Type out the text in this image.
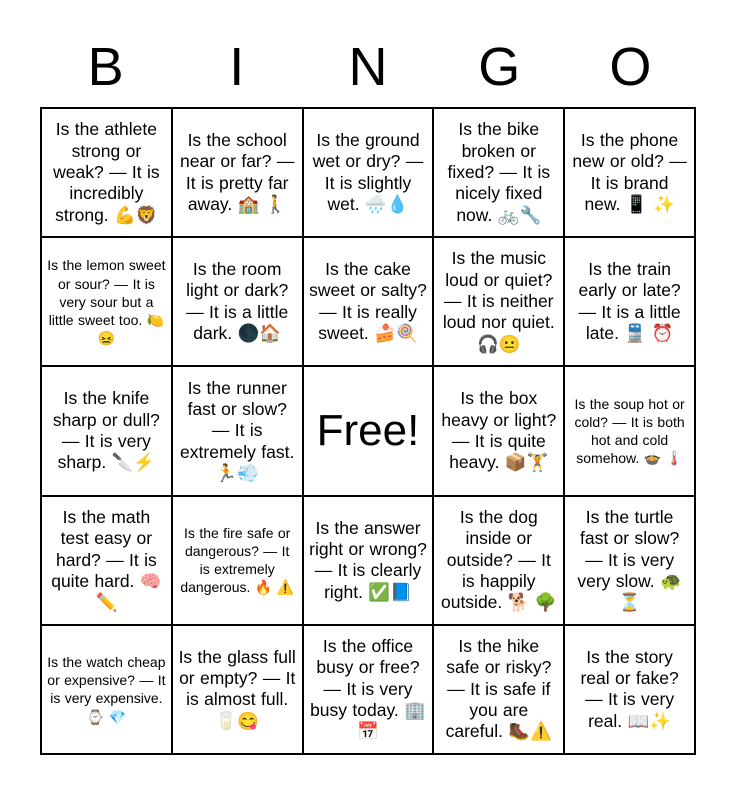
B	I	N	G	O
Is the athlete strong or weak? — It is incredibly strong. 💪🦁
Is the school near or far? — It is pretty far away. 🏫 🚶
Is the ground wet or dry? — It is slightly wet. 🌧️💧
Is the bike broken or fixed? — It is nicely fixed now. 🚲🔧
Is the phone new or old? — It is brand new. 📱 ✨
Is the lemon sweet or sour? — It is very sour but a little sweet too. 🍋 😖
Is the room light or dark? — It is a little dark. 🌑🏠
Is the cake sweet or salty? — It is really sweet. 🍰🍭
Is the music loud or quiet? — It is neither loud nor quiet. 🎧😐
Is the train early or late? — It is a little late. 🚆 ⏰
Is the knife sharp or dull? — It is very sharp. 🔪⚡
Is the runner fast or slow? — It is extremely fast. 🏃💨
Free!
Is the box heavy or light? — It is quite heavy. 📦🏋️
Is the soup hot or cold? — It is both hot and cold somehow. 🍲 🌡️
Is the math test easy or hard? — It is quite hard. 🧠✏️
Is the fire safe or dangerous? — It is extremely dangerous. 🔥 ⚠️
Is the answer right or wrong? — It is clearly right. ✅📘
Is the dog inside or outside? — It is happily outside. 🐕 🌳
Is the turtle fast or slow? — It is very very slow. 🐢⏳
Is the watch cheap or expensive? — It is very expensive. ⌚ 💎
Is the glass full or empty? — It is almost full. 🥛😋
Is the office busy or free? — It is very busy today. 🏢 📅
Is the hike safe or risky? — It is safe if you are careful. 🥾⚠️
Is the story real or fake? — It is very real. 📖✨
